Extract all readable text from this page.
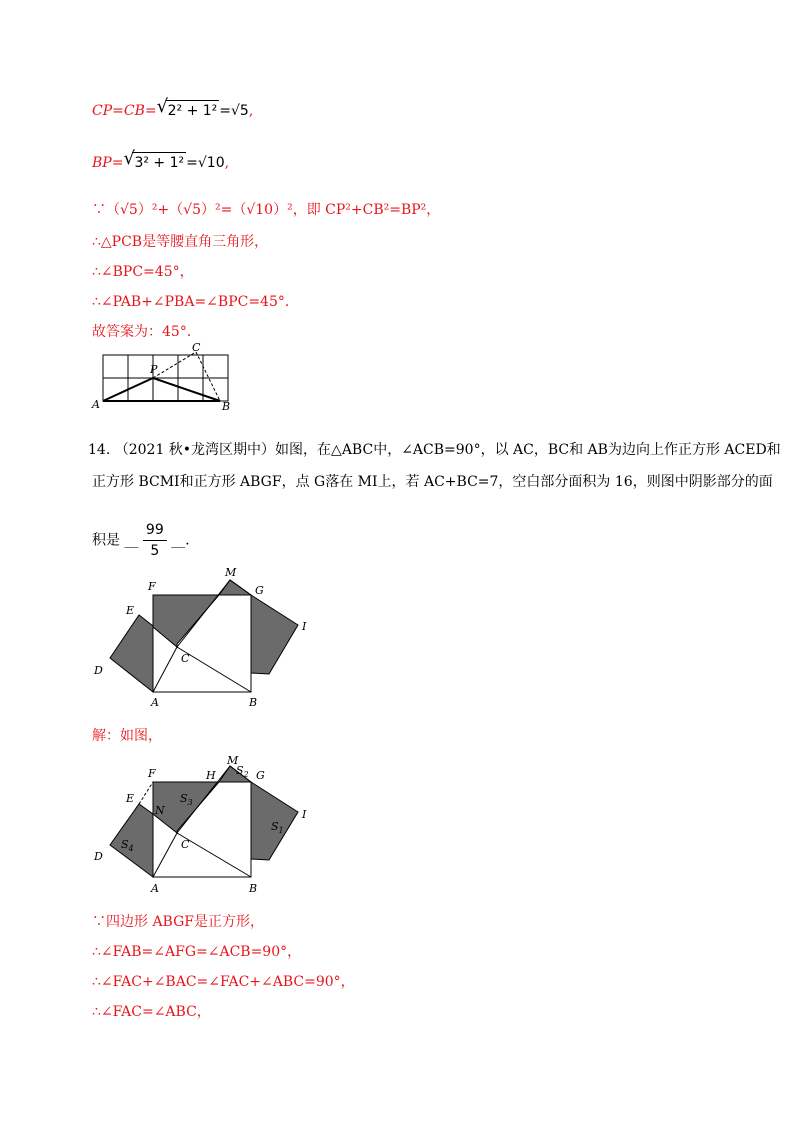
CP=CB= √ 2² + 1² =√5,
BP= √ 3² + 1² =√10,
∵（√5）²+（√5）²=（√10）²，即 CP²+CB²=BP²，
∴△PCB是等腰直角三角形，
∴∠BPC=45°，
∴∠PAB+∠PBA=∠BPC=45°．
故答案为：45°．
A	B
C
P
14. （2021 秋•龙湾区期中）如图，在△ABC中，∠ACB=90°，以 AC，BC和 AB为边向上作正方形 ACED和
正方形 BCMI和正方形 ABGF，点 G落在 MI上，若 AC+BC=7，空白部分面积为 16，则图中阴影部分的面
积是 __ $\frac{99}{5}$ __．
F
M
G
E
I
C
D
A	B
解：如图，
F	H
M
$S_2$ G
E
N
$S_3$
$S_1$
I
$S_4$	C
D
A	B
∵四边形 ABGF是正方形，
∴∠FAB=∠AFG=∠ACB=90°，
∴∠FAC+∠BAC=∠FAC+∠ABC=90°，
∴∠FAC=∠ABC，
